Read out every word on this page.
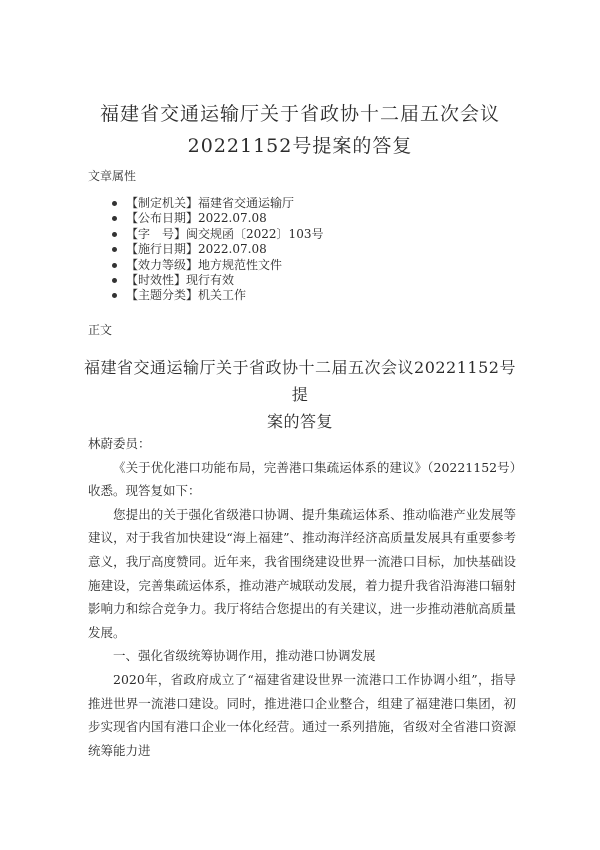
福建省交通运输厅关于省政协十二届五次会议
20221152号提案的答复
文章属性
【制定机关】福建省交通运输厅
【公布日期】2022.07.08
【字　号】闽交规函〔2022〕103号
【施行日期】2022.07.08
【效力等级】地方规范性文件
【时效性】现行有效
【主题分类】机关工作
正文
福建省交通运输厅关于省政协十二届五次会议20221152号提
案的答复

林蔚委员：

《关于优化港口功能布局，完善港口集疏运体系的建议》（20221152号）收悉。现答复如下：

您提出的关于强化省级港口协调、提升集疏运体系、推动临港产业发展等建议，对于我省加快建设“海上福建”、推动海洋经济高质量发展具有重要参考意义，我厅高度赞同。近年来，我省围绕建设世界一流港口目标，加快基础设施建设，完善集疏运体系，推动港产城联动发展，着力提升我省沿海港口辐射影响力和综合竞争力。我厅将结合您提出的有关建议，进一步推动港航高质量发展。

一、强化省级统筹协调作用，推动港口协调发展

2020年，省政府成立了“福建省建设世界一流港口工作协调小组”，指导推进世界一流港口建设。同时，推进港口企业整合，组建了福建港口集团，初步实现省内国有港口企业一体化经营。通过一系列措施，省级对全省港口资源统筹能力进
